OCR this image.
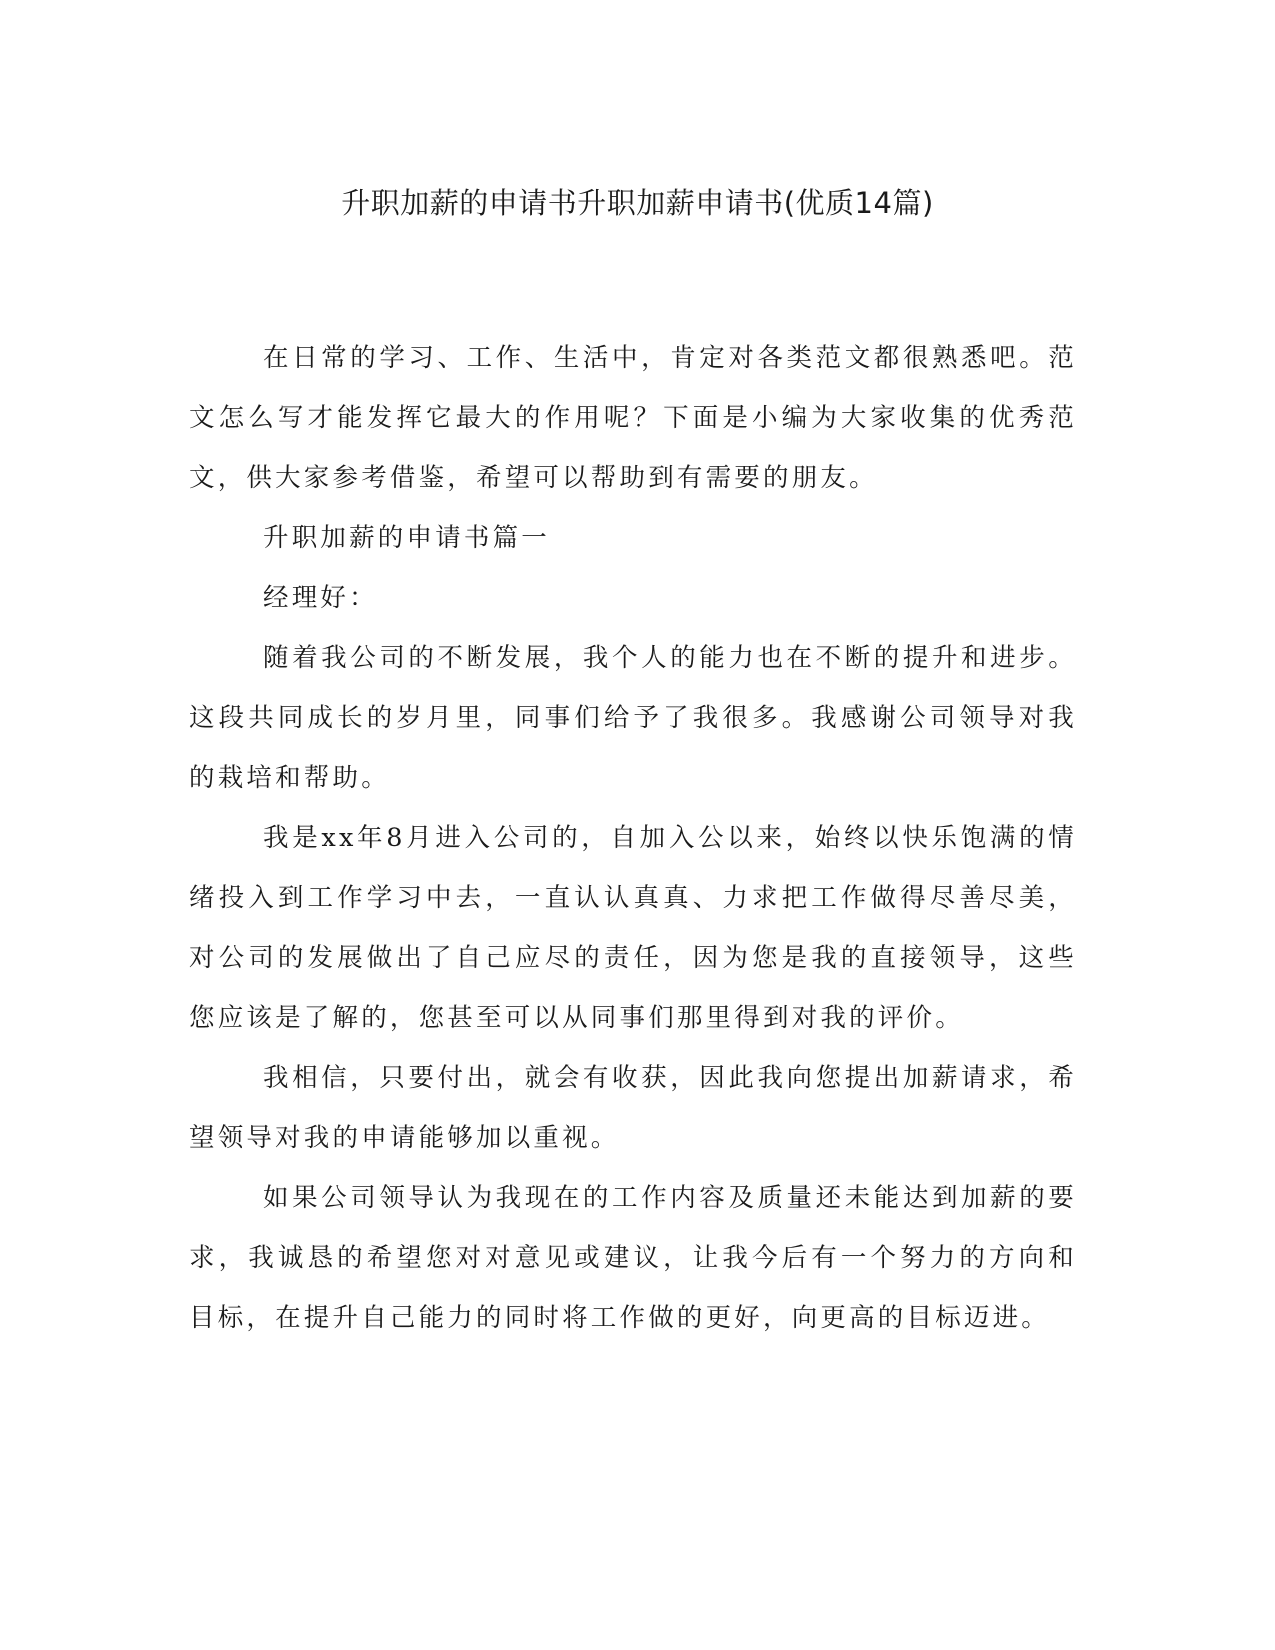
升职加薪的申请书升职加薪申请书(优质14篇)

在日常的学习、工作、生活中，肯定对各类范文都很熟悉吧。范文怎么写才能发挥它最大的作用呢？下面是小编为大家收集的优秀范文，供大家参考借鉴，希望可以帮助到有需要的朋友。

升职加薪的申请书篇一

经理好：

随着我公司的不断发展，我个人的能力也在不断的提升和进步。这段共同成长的岁月里，同事们给予了我很多。我感谢公司领导对我的栽培和帮助。

我是xx年8月进入公司的，自加入公以来，始终以快乐饱满的情绪投入到工作学习中去，一直认认真真、力求把工作做得尽善尽美，对公司的发展做出了自己应尽的责任，因为您是我的直接领导，这些您应该是了解的，您甚至可以从同事们那里得到对我的评价。

我相信，只要付出，就会有收获，因此我向您提出加薪请求，希望领导对我的申请能够加以重视。

如果公司领导认为我现在的工作内容及质量还未能达到加薪的要求，我诚恳的希望您对对意见或建议，让我今后有一个努力的方向和目标，在提升自己能力的同时将工作做的更好，向更高的目标迈进。
